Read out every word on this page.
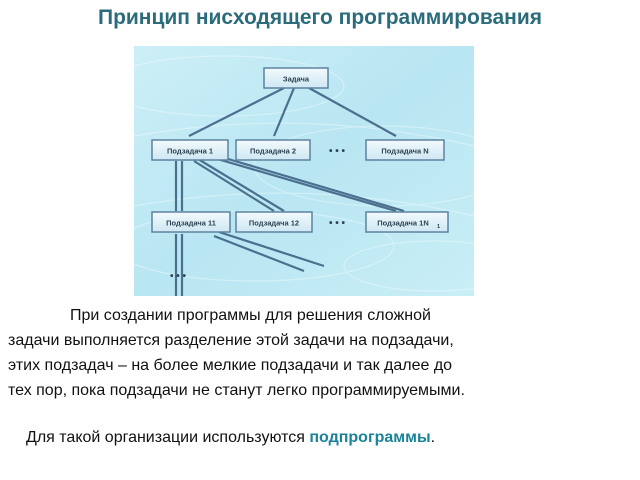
Принцип нисходящего программирования
Задача
Подзадача 1	Подзадача 2	• • •	Подзадача N
Подзадача 11	Подзадача 12	• • •	Подзадача 1N 1
• • •

При создании программы для решения сложной
задачи выполняется разделение этой задачи на подзадачи,
этих подзадач – на более мелкие подзадачи и так далее до
тех пор, пока подзадачи не станут легко программируемыми.

Для такой организации используются подпрограммы.
